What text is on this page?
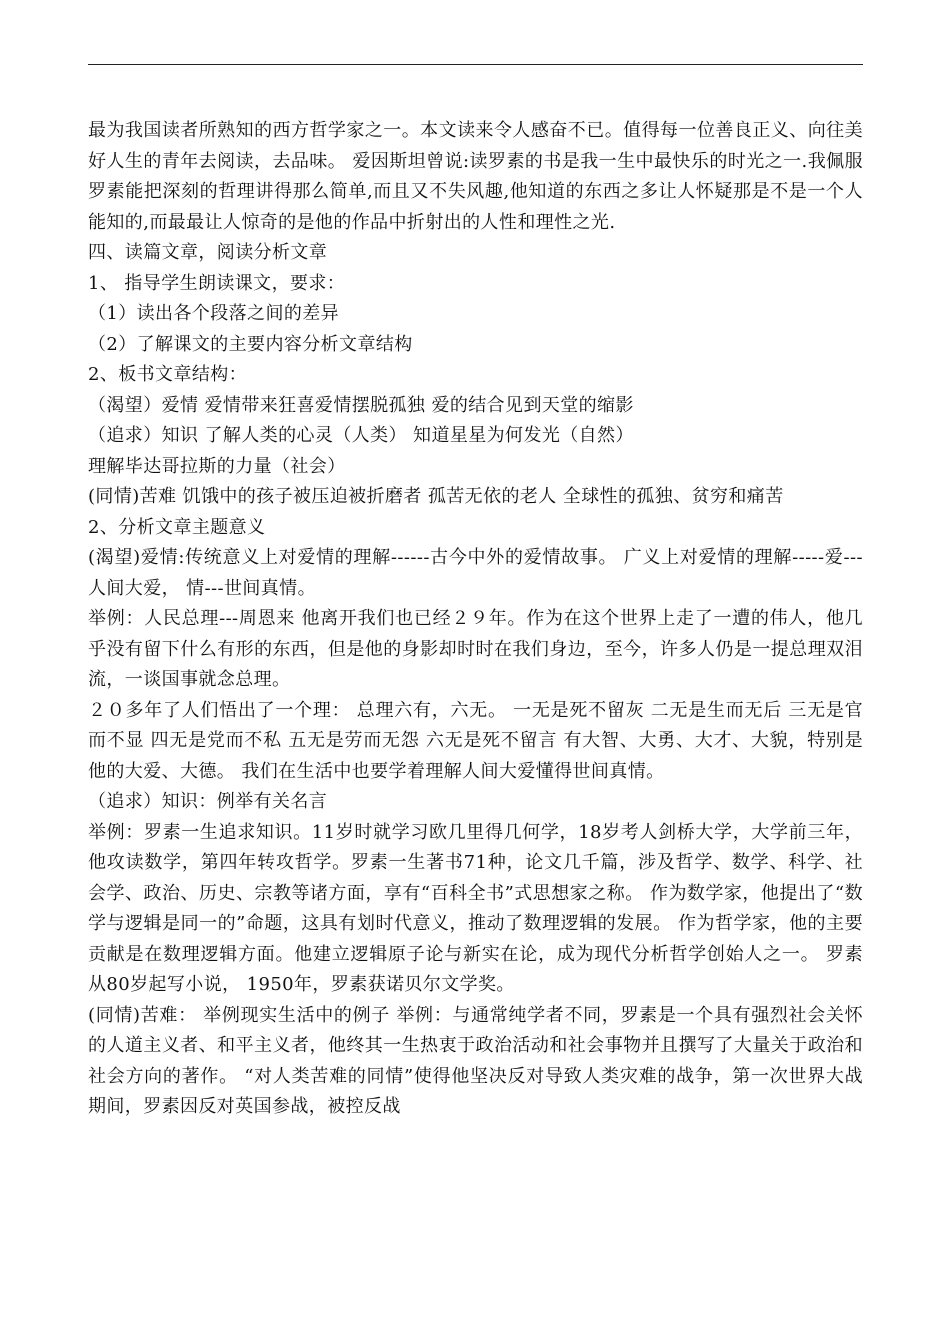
最为我国读者所熟知的西方哲学家之一。本文读来令人感奋不已。值得每一位善良正义、向往美好人生的青年去阅读，去品味。 爱因斯坦曾说:读罗素的书是我一生中最快乐的时光之一.我佩服罗素能把深刻的哲理讲得那么简单,而且又不失风趣,他知道的东西之多让人怀疑那是不是一个人能知的,而最最让人惊奇的是他的作品中折射出的人性和理性之光.

四、读篇文章，阅读分析文章

1、 指导学生朗读课文，要求：

（1）读出各个段落之间的差异

（2）了解课文的主要内容分析文章结构

2、板书文章结构：

（渴望）爱情 爱情带来狂喜爱情摆脱孤独 爱的结合见到天堂的缩影

（追求）知识 了解人类的心灵（人类） 知道星星为何发光（自然）

理解毕达哥拉斯的力量（社会）

(同情)苦难 饥饿中的孩子被压迫被折磨者 孤苦无依的老人 全球性的孤独、贫穷和痛苦

2、分析文章主题意义

(渴望)爱情:传统意义上对爱情的理解------古今中外的爱情故事。 广义上对爱情的理解-----爱---人间大爱， 情---世间真情。

举例：人民总理---周恩来 他离开我们也已经２９年。作为在这个世界上走了一遭的伟人，他几乎没有留下什么有形的东西，但是他的身影却时时在我们身边，至今，许多人仍是一提总理双泪流，一谈国事就念总理。

２０多年了人们悟出了一个理： 总理六有，六无。 一无是死不留灰 二无是生而无后 三无是官而不显 四无是党而不私 五无是劳而无怨 六无是死不留言 有大智、大勇、大才、大貌，特别是他的大爱、大德。 我们在生活中也要学着理解人间大爱懂得世间真情。

（追求）知识：例举有关名言

举例：罗素一生追求知识。11岁时就学习欧几里得几何学，18岁考人剑桥大学，大学前三年，他攻读数学，第四年转攻哲学。罗素一生著书71种，论文几千篇，涉及哲学、数学、科学、社会学、政治、历史、宗教等诸方面，享有“百科全书”式思想家之称。 作为数学家，他提出了“数学与逻辑是同一的”命题，这具有划时代意义，推动了数理逻辑的发展。 作为哲学家，他的主要贡献是在数理逻辑方面。他建立逻辑原子论与新实在论，成为现代分析哲学创始人之一。 罗素从80岁起写小说， 1950年，罗素获诺贝尔文学奖。

(同情)苦难： 举例现实生活中的例子 举例：与通常纯学者不同，罗素是一个具有强烈社会关怀的人道主义者、和平主义者，他终其一生热衷于政治活动和社会事物并且撰写了大量关于政治和社会方向的著作。 “对人类苦难的同情”使得他坚决反对导致人类灾难的战争，第一次世界大战期间，罗素因反对英国参战，被控反战
